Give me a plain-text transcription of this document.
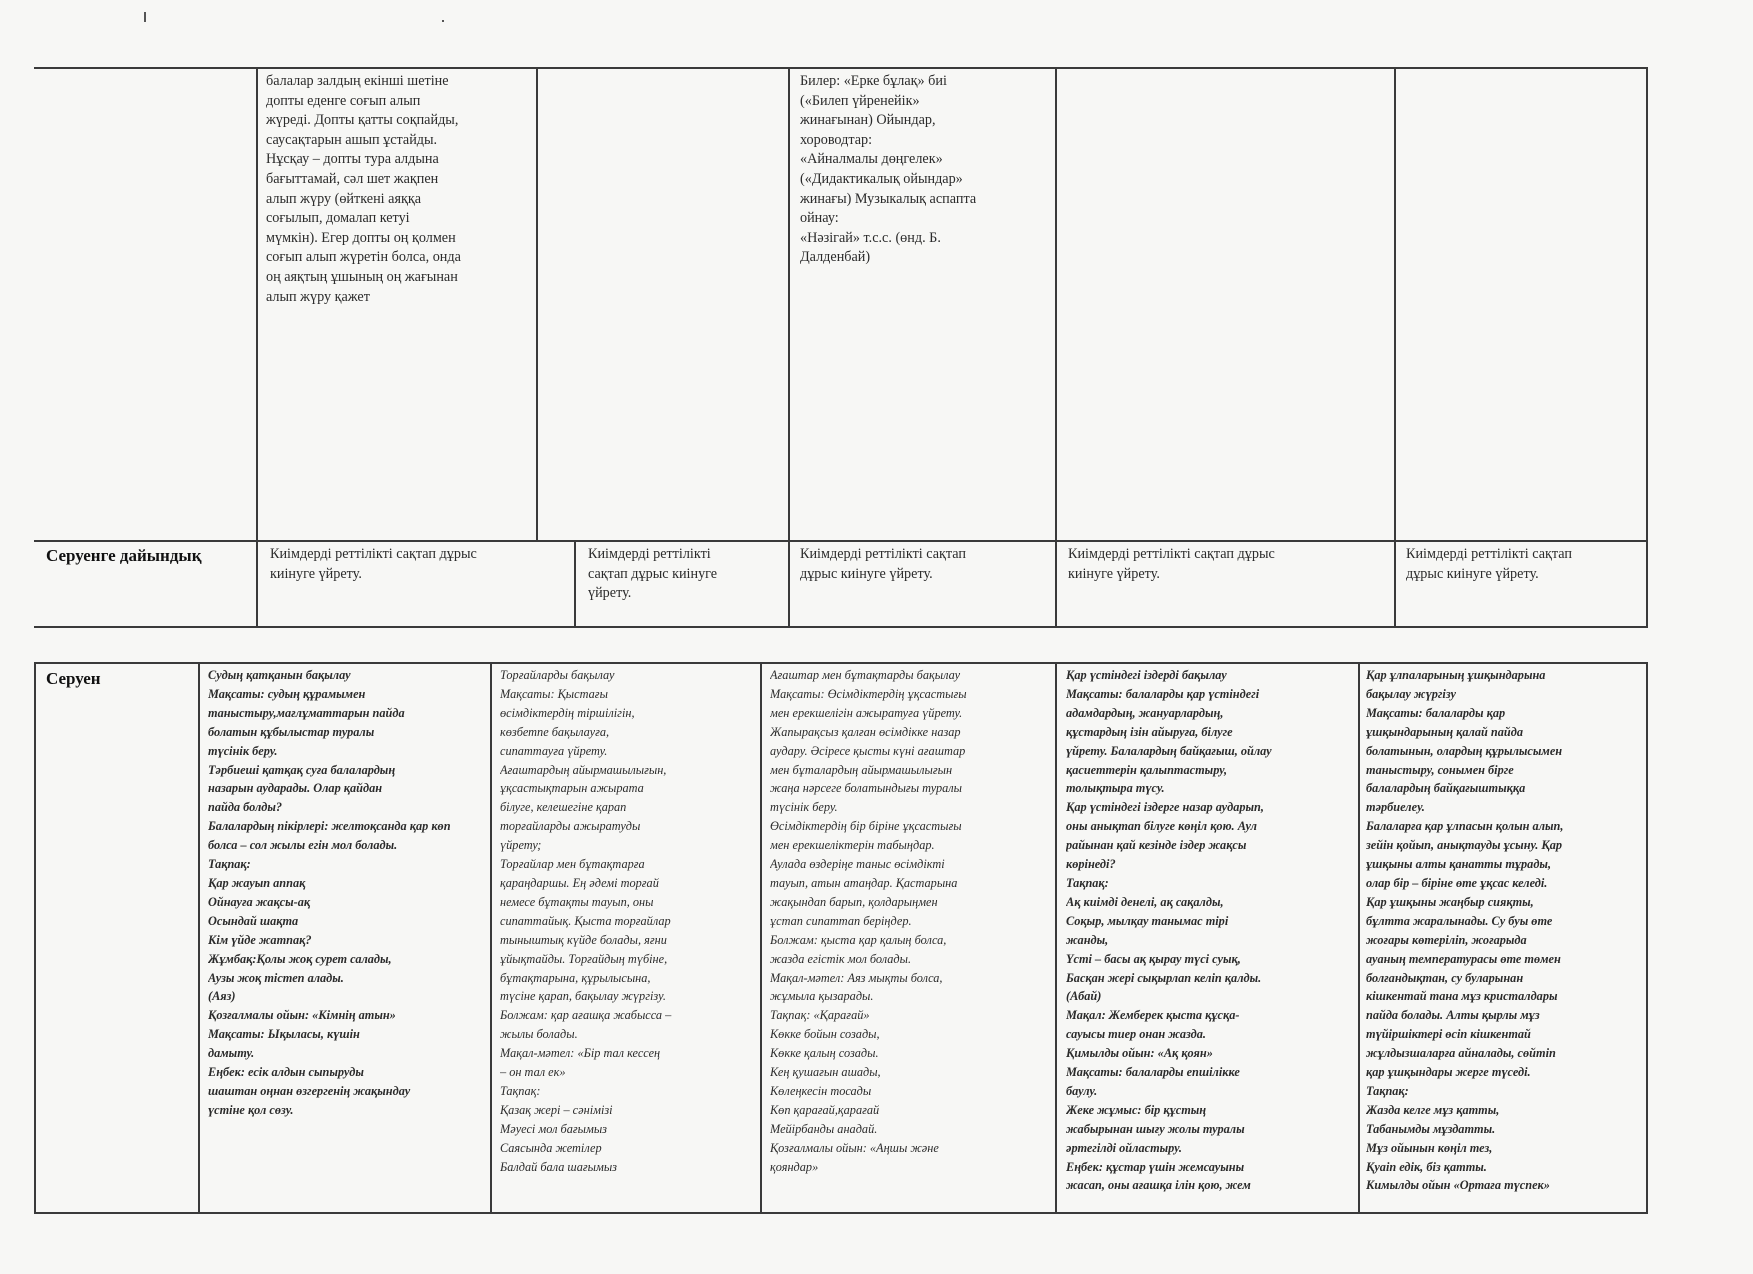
балалар залдың екінші шетіне
допты еденге соғып алып
жүреді. Допты қатты соқпайды,
саусақтарын ашып ұстайды.
Нұсқау – допты тура алдына
бағыттамай, сәл шет жақпен
алып жүру (өйткені аяққа
соғылып, домалап кетуі
мүмкін). Егер допты оң қолмен
соғып алып жүретін болса, онда
оң аяқтың ұшының оң жағынан
алып жүру қажет
Билер: «Ерке бұлақ» биі
(«Билеп үйренейік»
жинағынан) Ойындар,
хороводтар:
«Айналмалы дөңгелек»
(«Дидактикалық ойындар»
жинағы) Музыкалық аспапта
ойнау:
«Нәзігай» т.с.с. (өнд. Б.
Далденбай)
Серуенге дайындық	Киімдерді реттілікті сақтап дұрыс
киінуге үйрету.
Киімдерді реттілікті
сақтап дұрыс киінуге
үйрету.
Киімдерді реттілікті сақтап
дұрыс киінуге үйрету.
Киімдерді реттілікті сақтап дұрыс
киінуге үйрету.
Киімдерді реттілікті сақтап
дұрыс киінуге үйрету.
Серуен	Судың қатқанын бақылау
Мақсаты: судың құрамымен
таныстыру,мағлұматтарын пайда
болатын құбылыстар туралы
түсінік беру.
Тәрбиеші қатқақ суға балалардың
назарын аударады. Олар қайдан
пайда болды?
Балалардың пікірлері: желтоқсанда қар көп
болса – сол жылы егін мол болады.
Тақпақ:
Қар жауып аппақ
Ойнауға жақсы-ақ
Осындай шақта
Кім үйде жатпақ?
Жұмбақ:Қолы жоқ сурет салады,
Аузы жоқ тістеп алады.
(Аяз)
Қозғалмалы ойын: «Кімнің атын»
Мақсаты: Ықыласы, күшін
дамыту.
Еңбек: есік алдын сыпыруды
шаштан оңнан өзгергенің жақындау
үстіне қол сөзу.
Торғайларды бақылау
Мақсаты: Қыстағы
өсімдіктердің тіршілігін,
көзбетпе бақылауға,
сипаттауға үйрету.
Ағаштардың айырмашылығын,
ұқсастықтарын ажырата
білуге, келешегіне қарап
торғайларды ажыратуды
үйрету;
Торғайлар мен бұтақтарға
қараңдаршы. Ең әдемі торғай
немесе бұтақты тауып, оны
сипаттайық. Қыста торғайлар
тыныштық күйде болады, яғни
ұйықтайды. Торғайдың түбіне,
бұтақтарына, құрылысына,
түсіне қарап, бақылау жүргізу.
Болжам: қар ағашқа жабысса –
жылы болады.
Мақал-мәтел: «Бір тал кессең
– он тал ек»
Тақпақ:
Қазақ жері – сәнімізі
Мәуесі мол бағымыз
Саясында жетілер
Балдай бала шағымыз
Ағаштар мен бұтақтарды бақылау
Мақсаты: Өсімдіктердің ұқсастығы
мен ерекшелігін ажыратуға үйрету.
Жапырақсыз қалған өсімдікке назар
аудару. Әсіресе қысты күні ағаштар
мен бұталардың айырмашылығын
жаңа нәрсеге болатындығы туралы
түсінік беру.
Өсімдіктердің бір біріне ұқсастығы
мен ерекшеліктерін табыңдар.
Аулада өздеріңе таныс өсімдікті
тауып, атын атаңдар. Қастарына
жақындап барып, қолдарыңмен
ұстап сипаттап беріңдер.
Болжам: қыста қар қалың болса,
жазда егістік мол болады.
Мақал-мәтел: Аяз мықты болса,
жұмыла қызарады.
Тақпақ: «Қарағай»
Көкке бойын созады,
Көкке қалың созады.
Кең қушағын ашады,
Көлеңкесін тосады
Көп қарағай,қарағай
Мейірбанды анадай.
Қозғалмалы ойын: «Аңшы және
қояндар»
Қар үстіндегі іздерді бақылау
Мақсаты: балаларды қар үстіндегі
адамдардың, жануарлардың,
құстардың ізін айыруға, білуге
үйрету. Балалардың байқағыш, ойлау
қасиеттерін қалыптастыру,
толықтыра түсу.
Қар үстіндегі іздерге назар аударып,
оны анықтап білуге көңіл қою. Аул
райынан қай кезінде іздер жақсы
көрінеді?
Тақпақ:
Ақ киімді денелі, ақ сақалды,
Соқыр, мылқау танымас тірі
жанды,
Үсті – басы ақ қырау түсі суық,
Басқан жері сықырлап келіп қалды.
(Абай)
Мақал: Жемберек қыста құсқа-
сауысы тиер онан жазда.
Қимылды ойын: «Ақ қоян»
Мақсаты: балаларды епшілікке
баулу.
Жеке жұмыс: бір құстың
жабырынан шығу жолы туралы
әртегілді ойластыру.
Еңбек: құстар үшін жемсауыны
жасап, оны ағашқа ілін қою, жем
Қар ұлпаларының ұшқындарына
бақылау жүргізу
Мақсаты: балаларды қар
ұшқындарының қалай пайда
болатынын, олардың құрылысымен
таныстыру, сонымен бірге
балалардың байқағыштыққа
тәрбиелеу.
Балаларға қар ұлпасын қолын алып,
зейін қойып, анықтауды ұсыну. Қар
ұшқыны алты қанатты тұрады,
олар бір – біріне өте ұқсас келеді.
Қар ұшқыны жаңбыр сияқты,
бұлтта жаралынады. Су буы өте
жоғары көтеріліп, жоғарыда
ауаның температурасы өте төмен
болғандықтан, су буларынан
кішкентай тана мұз кристалдары
пайда болады. Алты қырлы мұз
түйіршіктері өсіп кішкентай
жұлдызшаларға айналады, сөйтіп
қар ұшқындары жерге түседі.
Тақпақ:
Жазда келге мұз қатты,
Табанымды мұздатты.
Мұз ойынын көңіл тез,
Қуаіп едік, біз қатты.
Кимылды ойын «Ортаға түспек»
